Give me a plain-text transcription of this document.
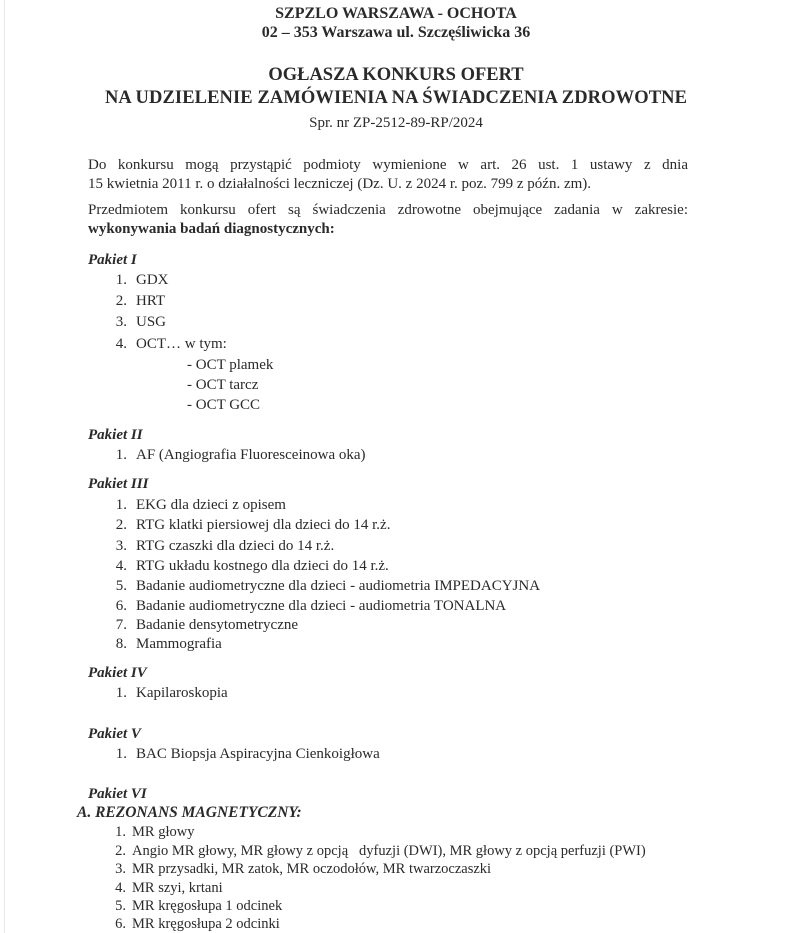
SZPZLO WARSZAWA - OCHOTA
02 – 353 Warszawa ul. Szczęśliwicka 36
OGŁASZA KONKURS OFERT
NA UDZIELENIE ZAMÓWIENIA NA ŚWIADCZENIA ZDROWOTNE
Spr. nr ZP-2512-89-RP/2024
Do konkursu mogą przystąpić podmioty wymienione w art. 26 ust. 1 ustawy z dnia
15 kwietnia 2011 r. o działalności leczniczej (Dz. U. z 2024 r. poz. 799 z późn. zm).
Przedmiotem konkursu ofert są świadczenia zdrowotne obejmujące zadania w zakresie:
wykonywania badań diagnostycznych:
Pakiet I
1. GDX
2. HRT
3. USG
4. OCT… w tym:
- OCT plamek
- OCT tarcz
- OCT GCC
Pakiet II
1. AF (Angiografia Fluoresceinowa oka)
Pakiet III
1. EKG dla dzieci z opisem
2. RTG klatki piersiowej dla dzieci do 14 r.ż.
3. RTG czaszki dla dzieci do 14 r.ż.
4. RTG układu kostnego dla dzieci do 14 r.ż.
5. Badanie audiometryczne dla dzieci - audiometria IMPEDACYJNA
6. Badanie audiometryczne dla dzieci - audiometria TONALNA
7. Badanie densytometryczne
8. Mammografia
Pakiet IV
1. Kapilaroskopia
Pakiet V
1. BAC Biopsja Aspiracyjna Cienkoigłowa
Pakiet VI
A. REZONANS MAGNETYCZNY:
1. MR głowy
2. Angio MR głowy, MR głowy z opcją   dyfuzji (DWI), MR głowy z opcją perfuzji (PWI)
3. MR przysadki, MR zatok, MR oczodołów, MR twarzoczaszki
4. MR szyi, krtani
5. MR kręgosłupa 1 odcinek
6. MR kręgosłupa 2 odcinki
